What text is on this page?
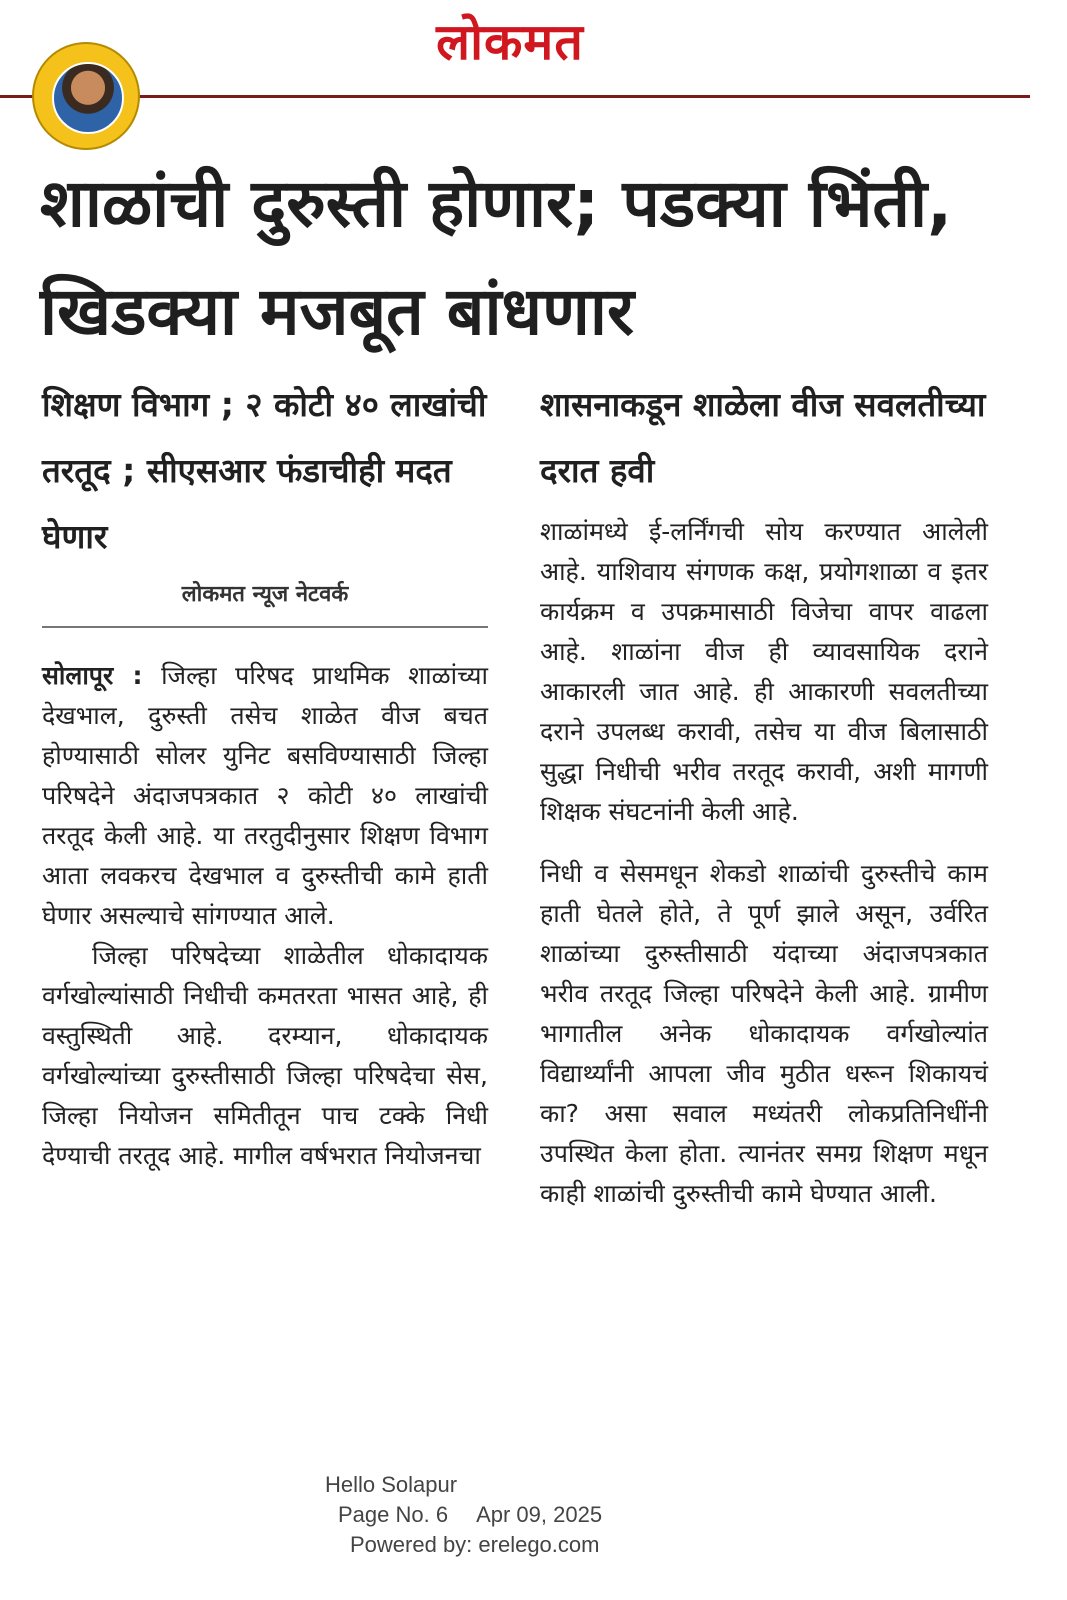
लोकमत
शाळांची दुरुस्ती होणार; पडक्या भिंती, खिडक्या मजबूत बांधणार
शिक्षण विभाग ; २ कोटी ४० लाखांची तरतूद ; सीएसआर फंडाचीही मदत घेणार
लोकमत न्यूज नेटवर्क
सोलापूर : जिल्हा परिषद प्राथमिक शाळांच्या देखभाल, दुरुस्ती तसेच शाळेत वीज बचत होण्यासाठी सोलर युनिट बसविण्यासाठी जिल्हा परिषदेने अंदाजपत्रकात २ कोटी ४० लाखांची तरतूद केली आहे. या तरतुदीनुसार शिक्षण विभाग आता लवकरच देखभाल व दुरुस्तीची कामे हाती घेणार असल्याचे सांगण्यात आले.
जिल्हा परिषदेच्या शाळेतील धोकादायक वर्गखोल्यांसाठी निधीची कमतरता भासत आहे, ही वस्तुस्थिती आहे. दरम्यान, धोकादायक वर्गखोल्यांच्या दुरुस्तीसाठी जिल्हा परिषदेचा सेस, जिल्हा नियोजन समितीतून पाच टक्के निधी देण्याची तरतूद आहे. मागील वर्षभरात नियोजनचा
शासनाकडून शाळेला वीज सवलतीच्या दरात हवी
शाळांमध्ये ई-लर्निंगची सोय करण्यात आलेली आहे. याशिवाय संगणक कक्ष, प्रयोगशाळा व इतर कार्यक्रम व उपक्रमासाठी विजेचा वापर वाढला आहे. शाळांना वीज ही व्यावसायिक दराने आकारली जात आहे. ही आकारणी सवलतीच्या दराने उपलब्ध करावी, तसेच या वीज बिलासाठी सुद्धा निधीची भरीव तरतूद करावी, अशी मागणी शिक्षक संघटनांनी केली आहे.
निधी व सेसमधून शेकडो शाळांची दुरुस्तीचे काम हाती घेतले होते, ते पूर्ण झाले असून, उर्वरित शाळांच्या दुरुस्तीसाठी यंदाच्या अंदाजपत्रकात भरीव तरतूद जिल्हा परिषदेने केली आहे. ग्रामीण भागातील अनेक धोकादायक वर्गखोल्यांत विद्यार्थ्यांनी आपला जीव मुठीत धरून शिकायचं का? असा सवाल मध्यंतरी लोकप्रतिनिधींनी उपस्थित केला होता. त्यानंतर समग्र शिक्षण मधून काही शाळांची दुरुस्तीची कामे घेण्यात आली.
Hello Solapur
Page No. 6 Apr 09, 2025
Powered by: erelego.com
